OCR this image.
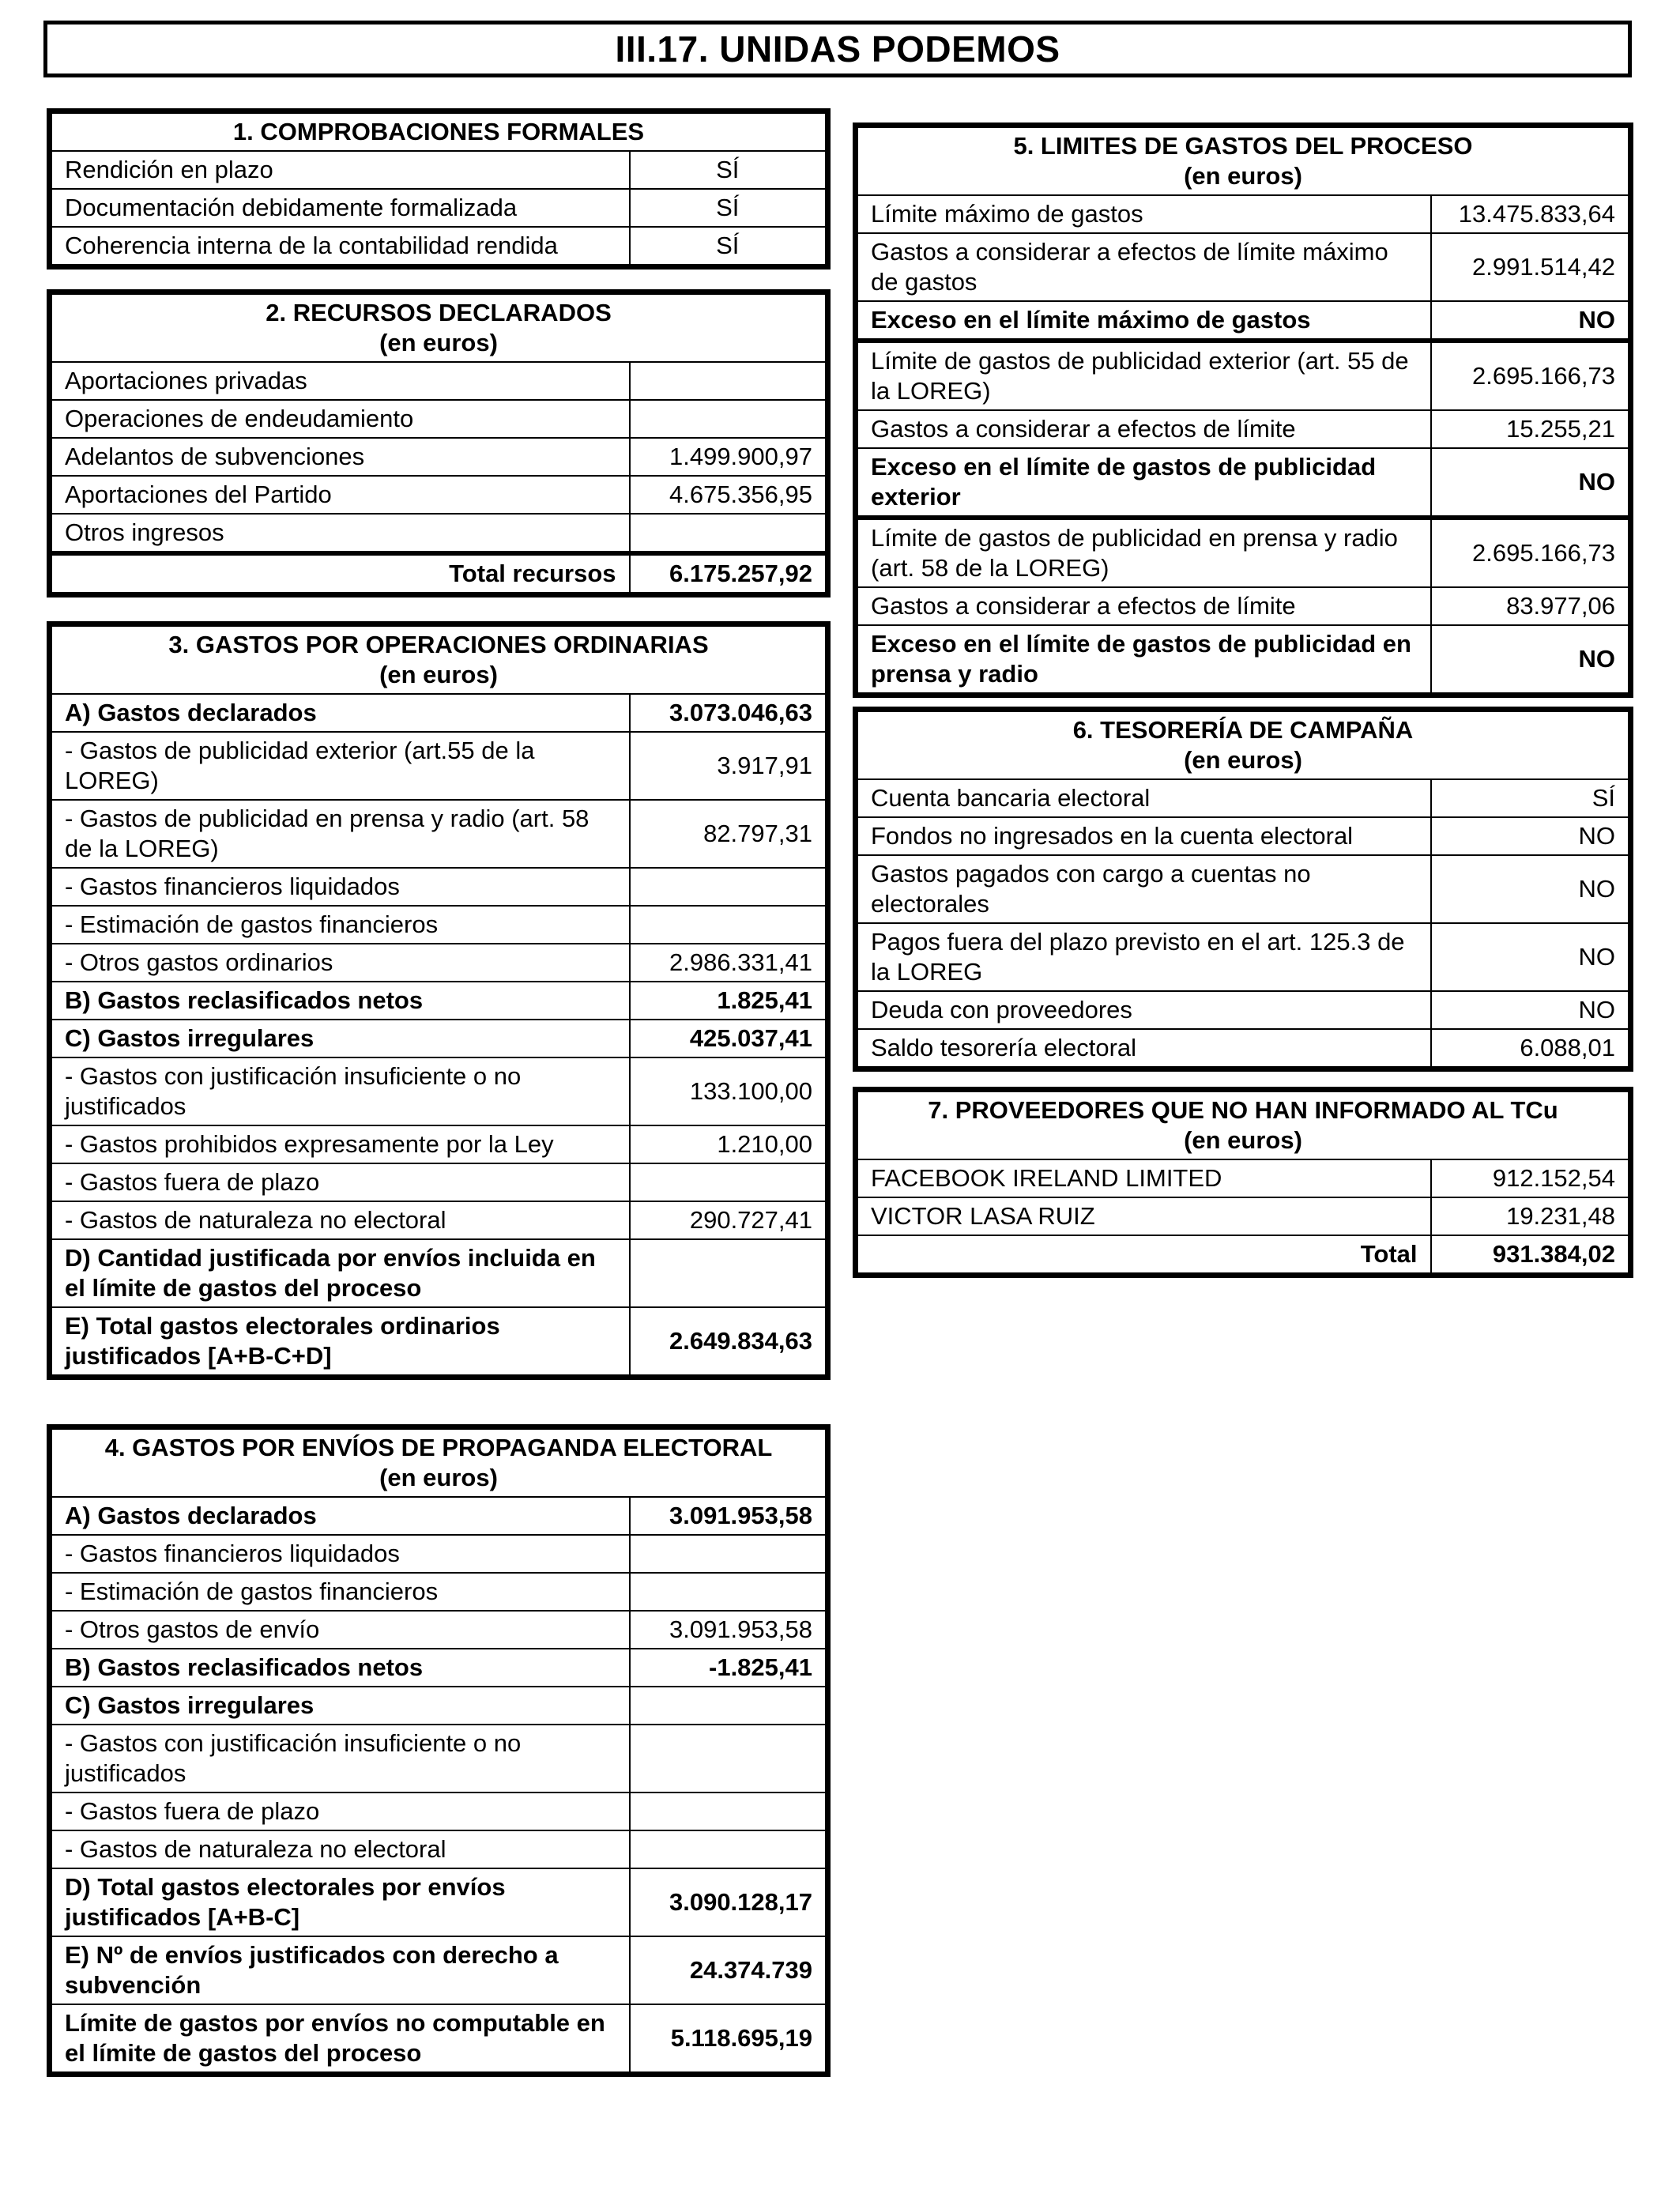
III.17. UNIDAS PODEMOS
1. COMPROBACIONES FORMALES	
Rendición en plazo	SÍ
Documentación debidamente formalizada	SÍ
Coherencia interna de la contabilidad rendida	SÍ
2. RECURSOS DECLARADOS
(en euros)	

Aportaciones privadas	
Operaciones de endeudamiento	
Adelantos de subvenciones	1.499.900,97
Aportaciones del Partido	4.675.356,95
Otros ingresos	
Total recursos	6.175.257,92
3. GASTOS POR OPERACIONES ORDINARIAS
(en euros)	

A) Gastos declarados	3.073.046,63
- Gastos de publicidad exterior (art.55 de la LOREG)	3.917,91
- Gastos de publicidad en prensa y radio (art. 58 de la LOREG)	82.797,31
- Gastos financieros liquidados	
- Estimación de gastos financieros	
- Otros gastos ordinarios	2.986.331,41
B) Gastos reclasificados netos	1.825,41
C) Gastos irregulares	425.037,41
- Gastos con justificación insuficiente o no justificados	133.100,00
- Gastos prohibidos expresamente por la Ley	1.210,00
- Gastos fuera de plazo	
- Gastos de naturaleza no electoral	290.727,41
D) Cantidad justificada por envíos incluida en el límite de gastos del proceso	
E) Total gastos electorales ordinarios justificados [A+B-C+D]	2.649.834,63
4. GASTOS POR ENVÍOS DE PROPAGANDA ELECTORAL
(en euros)	

A) Gastos declarados	3.091.953,58
- Gastos financieros liquidados	
- Estimación de gastos financieros	
- Otros gastos de envío	3.091.953,58
B) Gastos reclasificados netos	-1.825,41
C) Gastos irregulares	
- Gastos con justificación insuficiente o no justificados	
- Gastos fuera de plazo	
- Gastos de naturaleza no electoral	
D) Total gastos electorales por envíos justificados [A+B-C]	3.090.128,17
E) Nº de envíos justificados con derecho a subvención	24.374.739
Límite de gastos por envíos no computable en el límite de gastos del proceso	5.118.695,19
5. LIMITES DE GASTOS DEL PROCESO
(en euros)	

Límite máximo de gastos	13.475.833,64
Gastos a considerar a efectos de límite máximo de gastos	2.991.514,42
Exceso en el límite máximo de gastos	NO
Límite de gastos de publicidad exterior (art. 55 de la LOREG)	2.695.166,73
Gastos a considerar a efectos de límite	15.255,21
Exceso en el límite de gastos de publicidad exterior	NO
Límite de gastos de publicidad en prensa y radio (art. 58 de la LOREG)	2.695.166,73
Gastos a considerar a efectos de límite	83.977,06
Exceso en el límite de gastos de publicidad en prensa y radio	NO
6. TESORERÍA DE CAMPAÑA
(en euros)	

Cuenta bancaria electoral	SÍ
Fondos no ingresados en la cuenta electoral	NO
Gastos pagados con cargo a cuentas no electorales	NO
Pagos fuera del plazo previsto en el art. 125.3 de la LOREG	NO
Deuda con proveedores	NO
Saldo tesorería electoral	6.088,01
7. PROVEEDORES QUE NO HAN INFORMADO AL TCu
(en euros)	

FACEBOOK IRELAND LIMITED	912.152,54
VICTOR LASA RUIZ	19.231,48
Total	931.384,02
